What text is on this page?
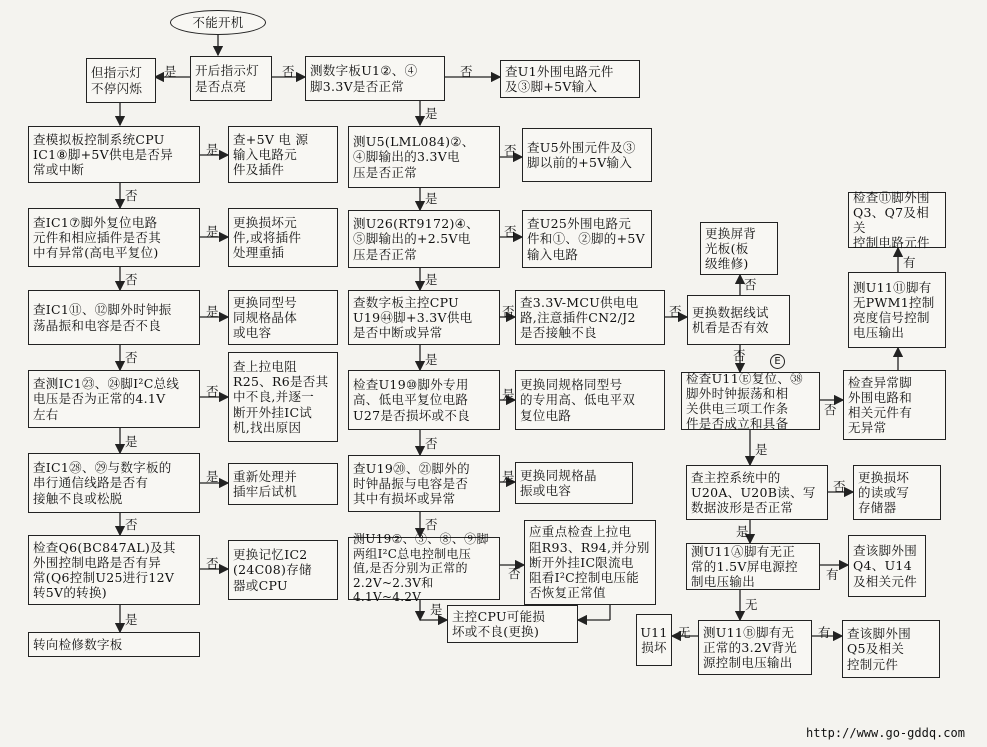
不能开机
但指示灯
不停闪烁
开后指示灯
是否点亮
测数字板U1②、④
脚3.3V是否正常
查U1外围电路元件
及③脚+5V输入
查模拟板控制系统CPU
IC1⑧脚+5V供电是否异
常或中断
查+5V 电 源
输入电路元
件及插件
查IC1⑦脚外复位电路
元件和相应插件是否其
中有异常(高电平复位)
更换损坏元
件,或将插件
处理重插
查IC1⑪、⑫脚外时钟振
荡晶振和电容是否不良
更换同型号
同规格晶体
或电容
查测IC1㉓、㉔脚I²C总线
电压是否为正常的4.1V
左右
查上拉电阻
R25、R6是否其
中不良,并逐一
断开外挂IC试
机,找出原因
查IC1㉘、㉙与数字板的
串行通信线路是否有
接触不良或松脱
重新处理并
插牢后试机
检查Q6(BC847AL)及其
外围控制电路是否有异
常(Q6控制U25进行12V
转5V的转换)
更换记忆IC2
(24C08)存储
器或CPU
转向检修数字板
测U5(LML084)②、
④脚输出的3.3V电
压是否正常
查U5外围元件及③
脚以前的+5V输入
测U26(RT9172)④、
⑤脚输出的+2.5V电
压是否正常
查U25外围电路元
件和①、②脚的+5V
输入电路
查数字板主控CPU
U19㊹脚+3.3V供电
是否中断或异常
查3.3V-MCU供电电
路,注意插件CN2/J2
是否接触不良
检查U19⑩脚外专用
高、低电平复位电路
U27是否损坏或不良
更换同规格同型号
的专用高、低电平双
复位电路
查U19⑳、㉑脚外的
时钟晶振与电容是否
其中有损坏或异常
更换同规格晶
振或电容
测U19②、③、⑧、⑨脚
两组I²C总电控制电压
值,是否分别为正常的
2.2V~2.3V和4.1V~4.2V
应重点检查上拉电
阻R93、R94,并分别
断开外挂IC限流电
阻看I²C控制电压能
否恢复正常值
主控CPU可能损
坏或不良(更换)
更换屏背
光板(板
级维修)
更换数据线试
机看是否有效
E
检查⑪脚外围
Q3、Q7及相关
控制电路元件
测U11⑪脚有
无PWM1控制
亮度信号控制
电压输出
检查U11Ⓔ复位、㊳
脚外时钟振荡和相
关供电三项工作条
件是否成立和具备
检查异常脚
外围电路和
相关元件有
无异常
查主控系统中的
U20A、U20B读、写
数据波形是否正常
更换损坏
的读或写
存储器
测U11Ⓐ脚有无正
常的1.5V屏电源控
制电压输出
查该脚外围
Q4、U14
及相关元件
测U11Ⓑ脚有无
正常的3.2V背光
源控制电压输出
U11
损坏
查该脚外围
Q5及相关
控制元件
是	否	否
是
是
否
是
否
是
否
否
是
是
否
否
是
否
是
否
是
否
是
是
否
是
否
否
是
否
否
否
有
否
是
否
是
有
无
有
无
http://www.go-gddq.com
